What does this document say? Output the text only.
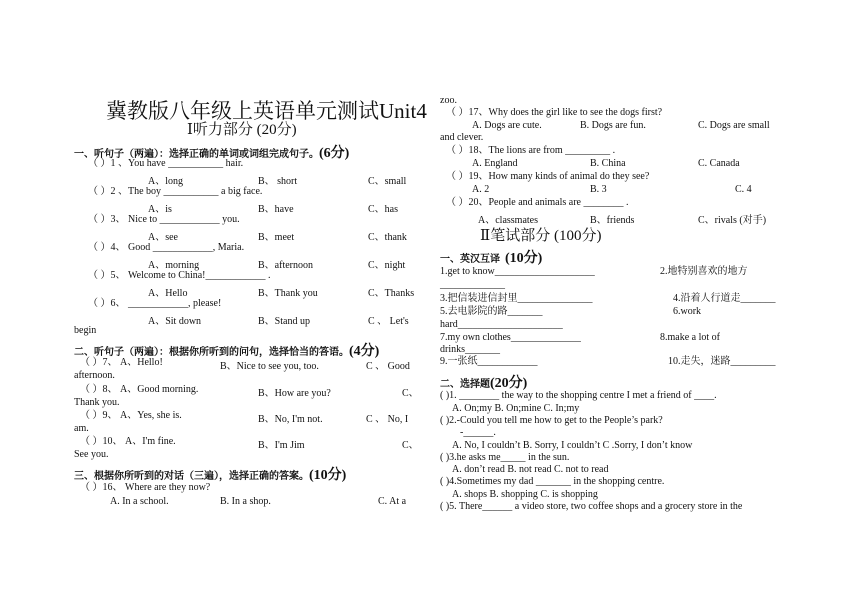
冀教版八年级上英语单元测试Unit4
Ⅰ听力部分 (20分)
一、听句子（两遍）：选择正确的单词或词组完成句子。(6分)
（ ）1 、You have ___________ hair.
A、long	B、 short	C、small
（ ）2 、The boy ___________ a big face.
A、is	B、have	C、has
（ ）3、 Nice to ____________ you.
A、see	B、meet	C、thank
（ ）4、 Good ____________, Maria.
A、morning	B、afternoon	C、night
（ ）5、 Welcome to China!____________ .
A、Hello	B、Thank you	C、Thanks
（ ）6、 ____________, please!
A、Sit down	B、Stand up	C 、 Let's
begin
二、听句子（两遍）：根据你所听到的问句，选择恰当的答语。(4分)
（ ）7、 A、Hello!	B、Nice to see you, too.	C 、 Good
afternoon.
（ ）8、 A、Good morning.	B、How are you?	C、
Thank you.
（ ）9、 A、Yes, she is.	B、No, I'm not.	C 、 No, I
am.
（ ）10、 A、I'm fine.	B、I'm Jim	C、
See you.
三、根据你所听到的对话（三遍），选择正确的答案。(10分)
（ ）16、 Where are they now?
A. In a school.	B. In a shop.	C. At a
zoo.
（ ）17、Why does the girl like to see the dogs first?
A. Dogs are cute.	B. Dogs are fun.	C. Dogs are small
and clever.
（ ）18、The lions are from _________ .
A. England	B. China	C. Canada
（ ）19、How many kinds of animal do they see?
A. 2	B. 3	C. 4
（ ）20、People and animals are ________ .
A、classmates	B、friends	C、rivals (对手)
Ⅱ笔试部分 (100分)
一、英汉互译 (10分)
1.get to know____________________	2.地特别喜欢的地方
_____________
3.把信装进信封里_______________	4.沿着人行道走_______
5.去电影院的路_______	6.work
hard_____________________
7.my own clothes______________	8.make a lot of
drinks_______
9.一张纸____________	10.走失，迷路_________
二、选择题(20分)
( )1. ________ the way to the shopping centre I met a friend of ____.
A. On;my B. On;mine C. In;my
( )2.-Could you tell me how to get to the People’s park?
-______.
A. No, I couldn’t B. Sorry, I couldn’t C .Sorry, I don’t know
( )3.he asks me_____ in the sun.
A. don’t read B. not read C. not to read
( )4.Sometimes my dad _______ in the shopping centre.
A. shops B. shopping C. is shopping
( )5. There______ a video store, two coffee shops and a grocery store in the
